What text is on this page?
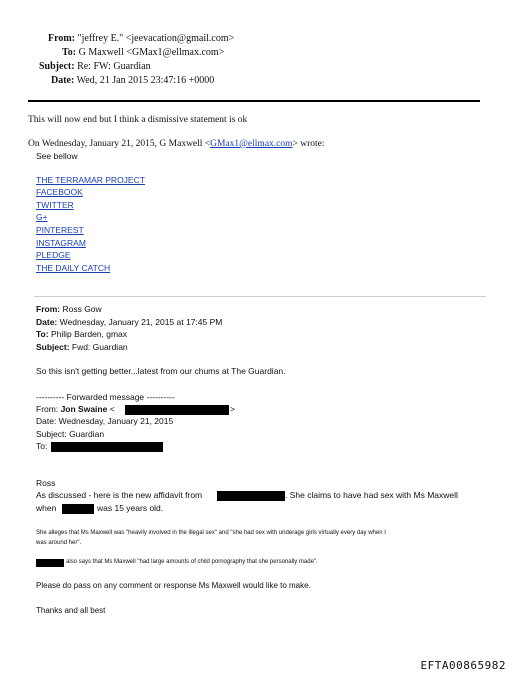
From: "jeffrey E." <jeevacation@gmail.com>
To: G Maxwell <GMax1@ellmax.com>
Subject: Re: FW: Guardian
Date: Wed, 21 Jan 2015 23:47:16 +0000
This will now end but I think a dismissive statement is ok
On Wednesday, January 21, 2015, G Maxwell <GMax1@ellmax.com> wrote:
See bellow
THE TERRAMAR PROJECT
FACEBOOK
TWITTER
G+
PINTEREST
INSTAGRAM
PLEDGE
THE DAILY CATCH
From: Ross Gow
Date: Wednesday, January 21, 2015 at 17:45 PM
To: Philip Barden, gmax
Subject: Fwd: Guardian
So this isn't getting better...latest from our chums at The Guardian.
---------- Forwarded message ----------
From: Jon Swaine <	>
Date: Wednesday, January 21, 2015
Subject: Guardian
To:
Ross
As discussed - here is the new affidavit from	. She claims to have had sex with Ms Maxwell
when	was 15 years old.
She alleges that Ms Maxwell was "heavily involved in the illegal sex" and "she had sex with underage girls virtually every day when I
was around her".
also says that Ms Maxwell "had large amounts of child pornography that she personally made".
Please do pass on any comment or response Ms Maxwell would like to make.
Thanks and all best
EFTA00865982
